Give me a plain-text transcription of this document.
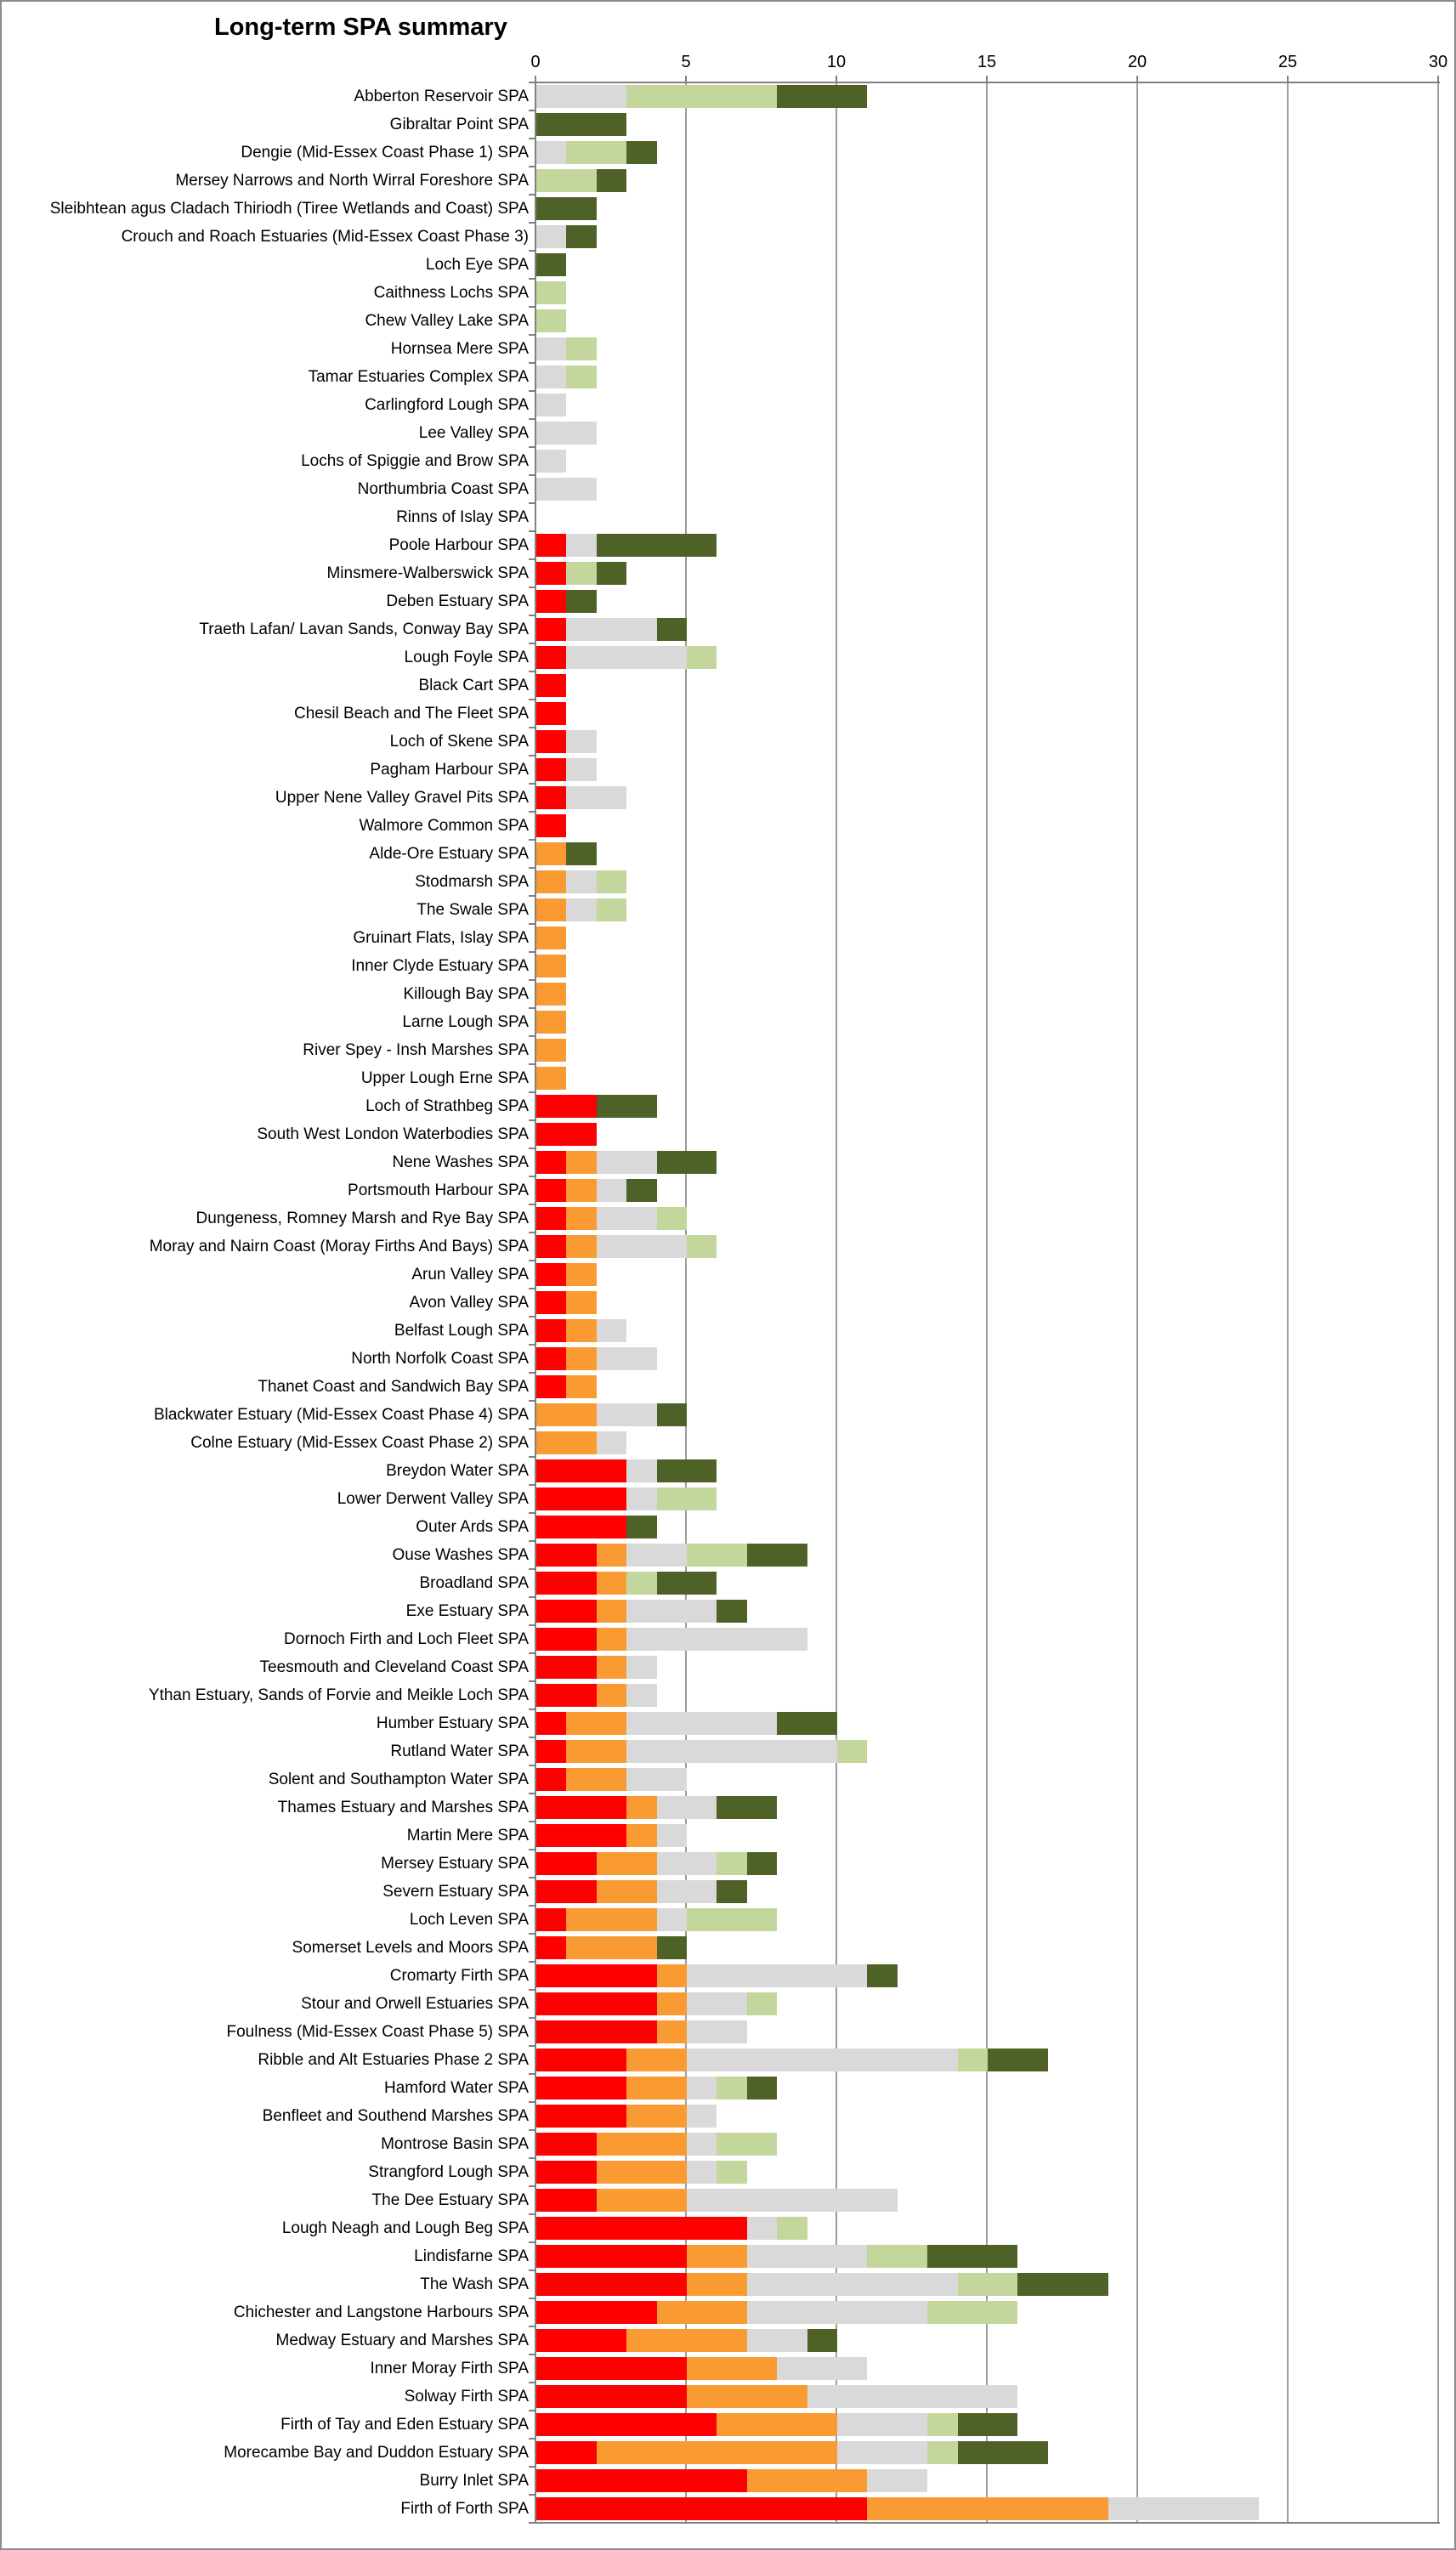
Long-term SPA summary
0	5	10	15	20	25	30
Abberton Reservoir SPA
Gibraltar Point SPA
Dengie (Mid-Essex Coast Phase 1) SPA
Mersey Narrows and North Wirral Foreshore SPA
Sleibhtean agus Cladach Thiriodh (Tiree Wetlands and Coast) SPA
Crouch and Roach Estuaries (Mid-Essex Coast Phase 3)
Loch Eye SPA
Caithness Lochs SPA
Chew Valley Lake SPA
Hornsea Mere SPA
Tamar Estuaries Complex SPA
Carlingford Lough SPA
Lee Valley SPA
Lochs of Spiggie and Brow SPA
Northumbria Coast SPA
Rinns of Islay SPA
Poole Harbour SPA
Minsmere-Walberswick SPA
Deben Estuary SPA
Traeth Lafan/ Lavan Sands, Conway Bay SPA
Lough Foyle SPA
Black Cart SPA
Chesil Beach and The Fleet SPA
Loch of Skene SPA
Pagham Harbour SPA
Upper Nene Valley Gravel Pits SPA
Walmore Common SPA
Alde-Ore Estuary SPA
Stodmarsh SPA
The Swale SPA
Gruinart Flats, Islay SPA
Inner Clyde Estuary SPA
Killough Bay SPA
Larne Lough SPA
River Spey - Insh Marshes SPA
Upper Lough Erne SPA
Loch of Strathbeg SPA
South West London Waterbodies SPA
Nene Washes SPA
Portsmouth Harbour SPA
Dungeness, Romney Marsh and Rye Bay SPA
Moray and Nairn Coast (Moray Firths And Bays) SPA
Arun Valley SPA
Avon Valley SPA
Belfast Lough SPA
North Norfolk Coast SPA
Thanet Coast and Sandwich Bay SPA
Blackwater Estuary (Mid-Essex Coast Phase 4) SPA
Colne Estuary (Mid-Essex Coast Phase 2) SPA
Breydon Water SPA
Lower Derwent Valley SPA
Outer Ards SPA
Ouse Washes SPA
Broadland SPA
Exe Estuary SPA
Dornoch Firth and Loch Fleet SPA
Teesmouth and Cleveland Coast SPA
Ythan Estuary, Sands of Forvie and Meikle Loch SPA
Humber Estuary SPA
Rutland Water SPA
Solent and Southampton Water SPA
Thames Estuary and Marshes SPA
Martin Mere SPA
Mersey Estuary SPA
Severn Estuary SPA
Loch Leven SPA
Somerset Levels and Moors SPA
Cromarty Firth SPA
Stour and Orwell Estuaries SPA
Foulness (Mid-Essex Coast Phase 5) SPA
Ribble and Alt Estuaries Phase 2 SPA
Hamford Water SPA
Benfleet and Southend Marshes SPA
Montrose Basin SPA
Strangford Lough SPA
The Dee Estuary SPA
Lough Neagh and Lough Beg SPA
Lindisfarne SPA
The Wash SPA
Chichester and Langstone Harbours SPA
Medway Estuary and Marshes SPA
Inner Moray Firth SPA
Solway Firth SPA
Firth of Tay and Eden Estuary SPA
Morecambe Bay and Duddon Estuary SPA
Burry Inlet SPA
Firth of Forth SPA
